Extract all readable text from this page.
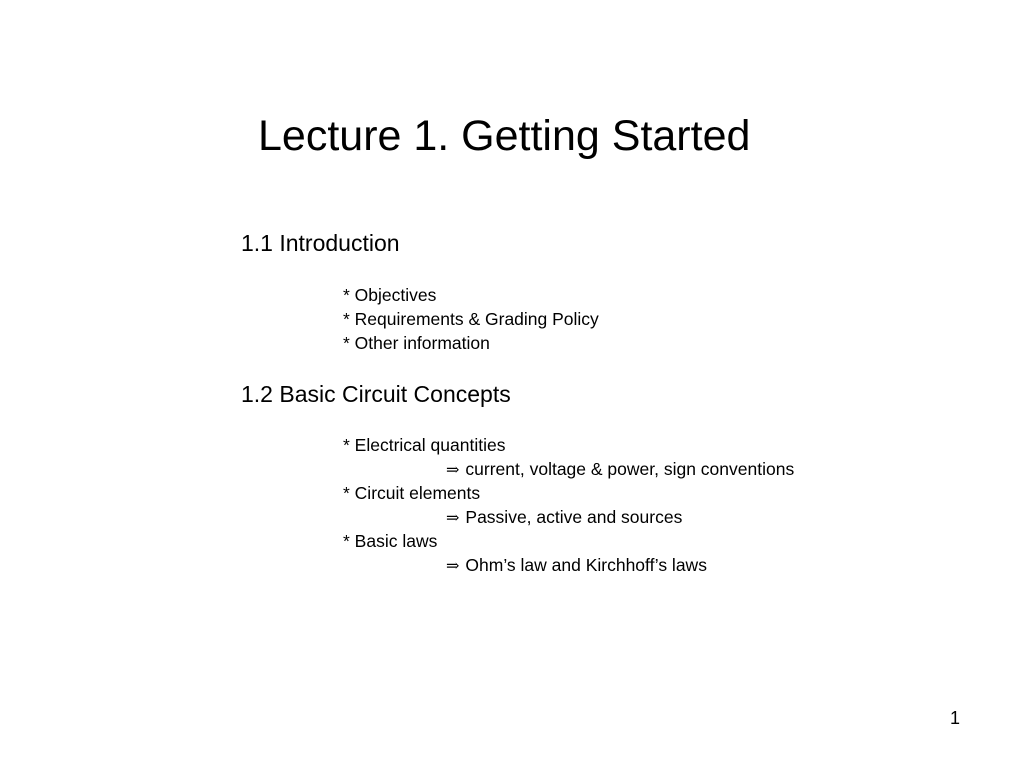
Lecture 1. Getting Started
1.1 Introduction
* Objectives
* Requirements & Grading Policy
* Other information
1.2 Basic Circuit Concepts
* Electrical quantities
⇒ current, voltage & power, sign conventions
* Circuit elements
⇒ Passive, active and sources
* Basic laws
⇒ Ohm’s law and Kirchhoff’s laws
1
